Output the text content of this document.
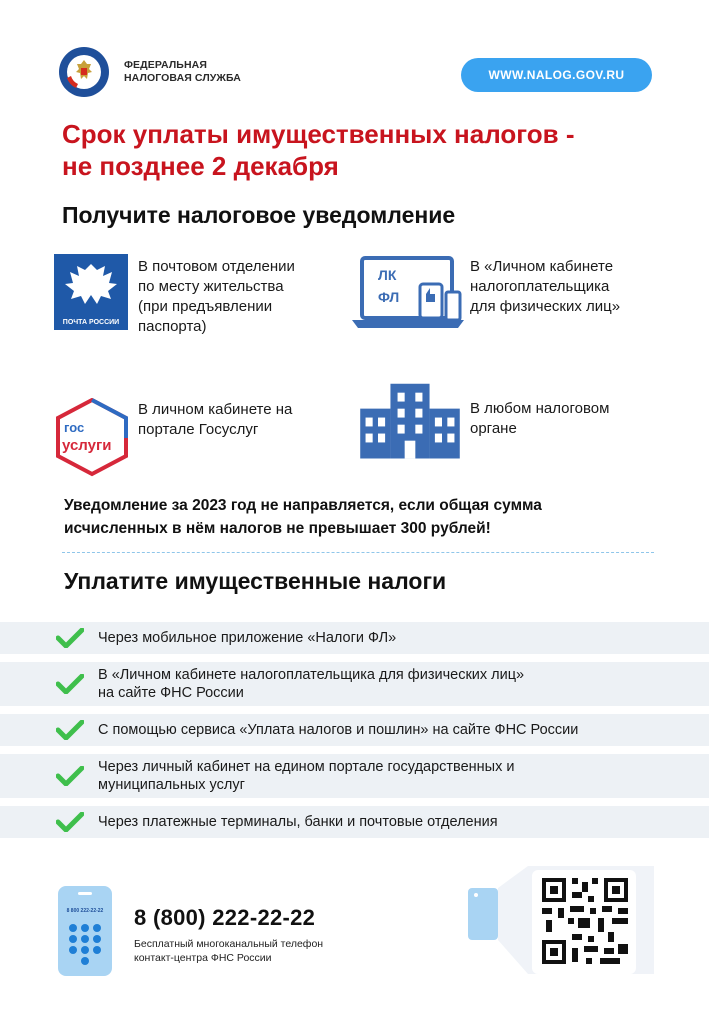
ФЕДЕРАЛЬНАЯ
НАЛОГОВАЯ СЛУЖБА	WWW.NALOG.GOV.RU
Срок уплаты имущественных налогов -
не позднее 2 декабря
Получите налоговое уведомление
ПОЧТА РОССИИ
В почтовом отделении
по месту жительства
(при предъявлении
паспорта)
ЛК
ФЛ
В «Личном кабинете
налогоплательщика
для физических лиц»
гос
услуги
В личном кабинете на
портале Госуслуг
В любом налоговом
органе
Уведомление за 2023 год не направляется, если общая сумма
исчисленных в нём налогов не превышает 300 рублей!
Уплатите имущественные налоги
Через мобильное приложение «Налоги ФЛ»
В «Личном кабинете налогоплательщика для физических лиц»
на сайте ФНС России
С помощью сервиса «Уплата налогов и пошлин» на сайте ФНС России
Через личный кабинет на едином портале государственных и
муниципальных услуг
Через платежные терминалы, банки и почтовые отделения
8 800 222-22-22 8 (800) 222-22-22
Бесплатный многоканальный телефон
контакт-центра ФНС России
